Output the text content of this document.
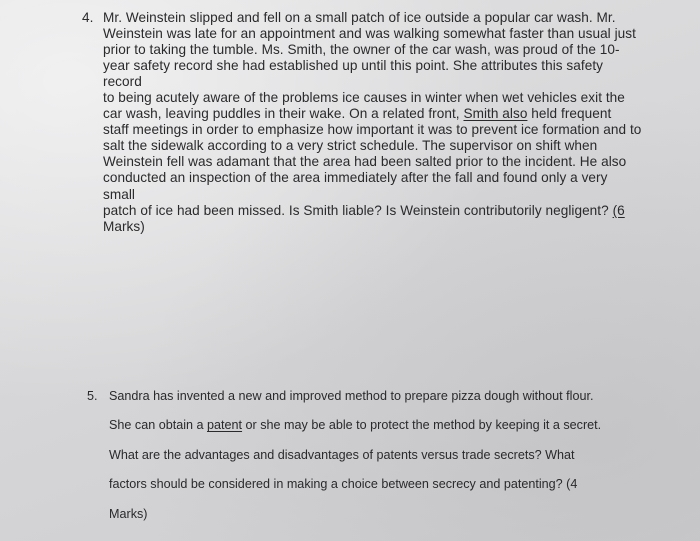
4. Mr. Weinstein slipped and fell on a small patch of ice outside a popular car wash. Mr.
Weinstein was late for an appointment and was walking somewhat faster than usual just
prior to taking the tumble. Ms. Smith, the owner of the car wash, was proud of the 10-
year safety record she had established up until this point. She attributes this safety record
to being acutely aware of the problems ice causes in winter when wet vehicles exit the
car wash, leaving puddles in their wake. On a related front, Smith also held frequent
staff meetings in order to emphasize how important it was to prevent ice formation and to
salt the sidewalk according to a very strict schedule. The supervisor on shift when
Weinstein fell was adamant that the area had been salted prior to the incident. He also
conducted an inspection of the area immediately after the fall and found only a very small
patch of ice had been missed. Is Smith liable? Is Weinstein contributorily negligent? (6
Marks)
5. Sandra has invented a new and improved method to prepare pizza dough without flour.
She can obtain a patent or she may be able to protect the method by keeping it a secret.
What are the advantages and disadvantages of patents versus trade secrets? What
factors should be considered in making a choice between secrecy and patenting? (4
Marks)
